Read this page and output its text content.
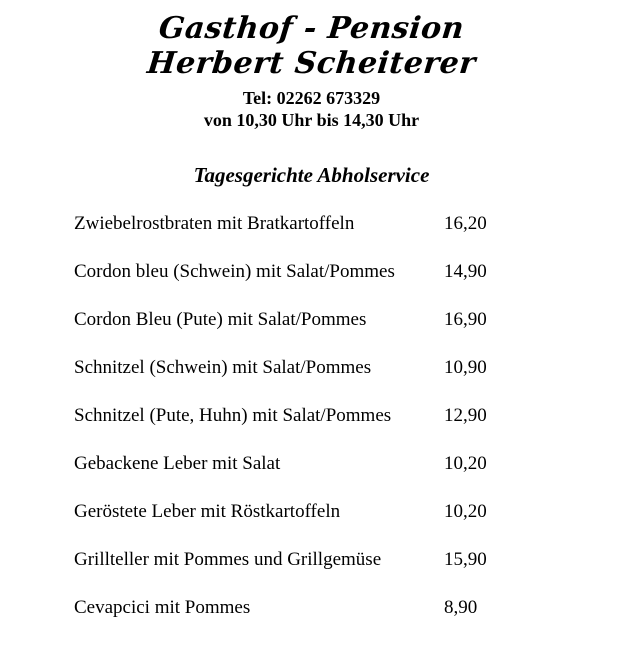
Gasthof - Pension
Herbert Scheiterer
Tel: 02262 673329
von 10,30 Uhr bis 14,30 Uhr
Tagesgerichte Abholservice
Zwiebelrostbraten mit Bratkartoffeln	16,20
Cordon bleu (Schwein) mit Salat/Pommes	14,90
Cordon Bleu (Pute) mit Salat/Pommes	16,90
Schnitzel (Schwein) mit Salat/Pommes	10,90
Schnitzel (Pute, Huhn) mit Salat/Pommes	12,90
Gebackene Leber mit Salat	10,20
Geröstete Leber mit Röstkartoffeln	10,20
Grillteller mit Pommes und Grillgemüse	15,90
Cevapcici mit Pommes	8,90
